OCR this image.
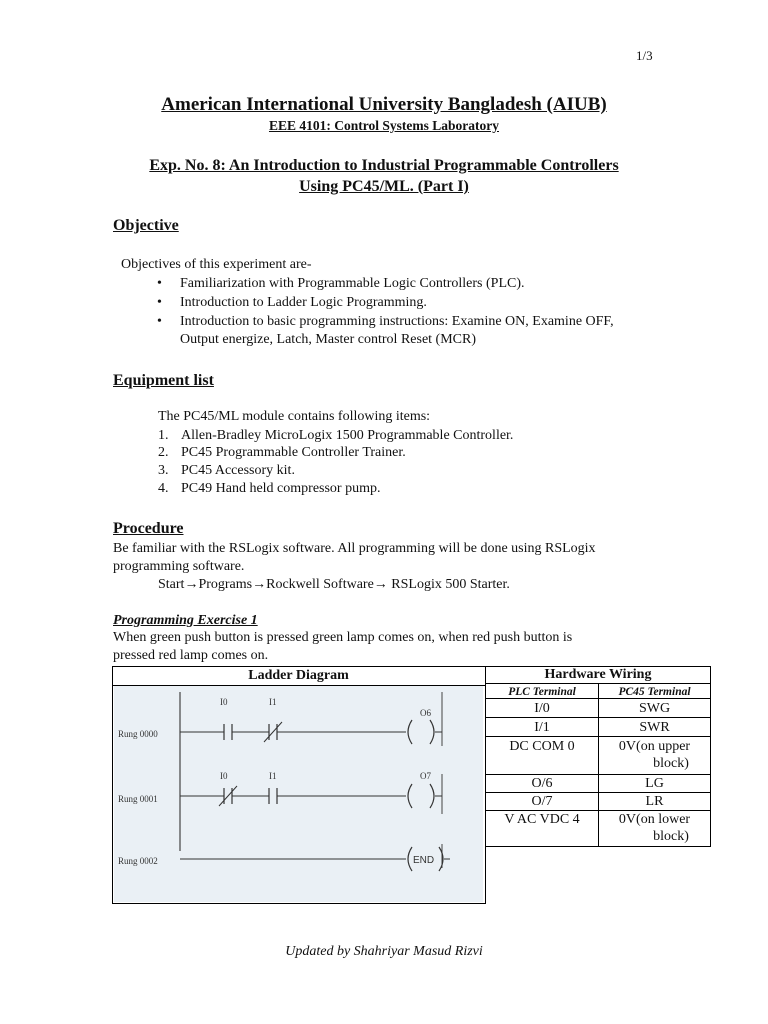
1/3
American International University Bangladesh (AIUB)
EEE 4101: Control Systems Laboratory
Exp. No. 8: An Introduction to Industrial Programmable Controllers
Using PC45/ML. (Part I)
Objective
Objectives of this experiment are-
• Familiarization with Programmable Logic Controllers (PLC).
• Introduction to Ladder Logic Programming.
• Introduction to basic programming instructions: Examine ON, Examine OFF,
Output energize, Latch, Master control Reset (MCR)
Equipment list
The PC45/ML module contains following items:
1. Allen-Bradley MicroLogix 1500 Programmable Controller.
2. PC45 Programmable Controller Trainer.
3. PC45 Accessory kit.
4. PC49 Hand held compressor pump.
Procedure
Be familiar with the RSLogix software. All programming will be done using RSLogix
programming software.
Start→Programs→Rockwell Software→ RSLogix 500 Starter.
Programming Exercise 1
When green push button is pressed green lamp comes on, when red push button is
pressed red lamp comes on.
Ladder Diagram	Hardware Wiring
PLC Terminal	PC45 Terminal
I/0	SWG
I/1	SWR
DC COM 0	0V(on upper
block)
O/6	LG
O/7	LR
V AC VDC 4	0V(on lower
block)
Rung 0000
I0	I1
O6
Rung 0001
I0	I1	O7
Rung 0002	END
Updated by Shahriyar Masud Rizvi
